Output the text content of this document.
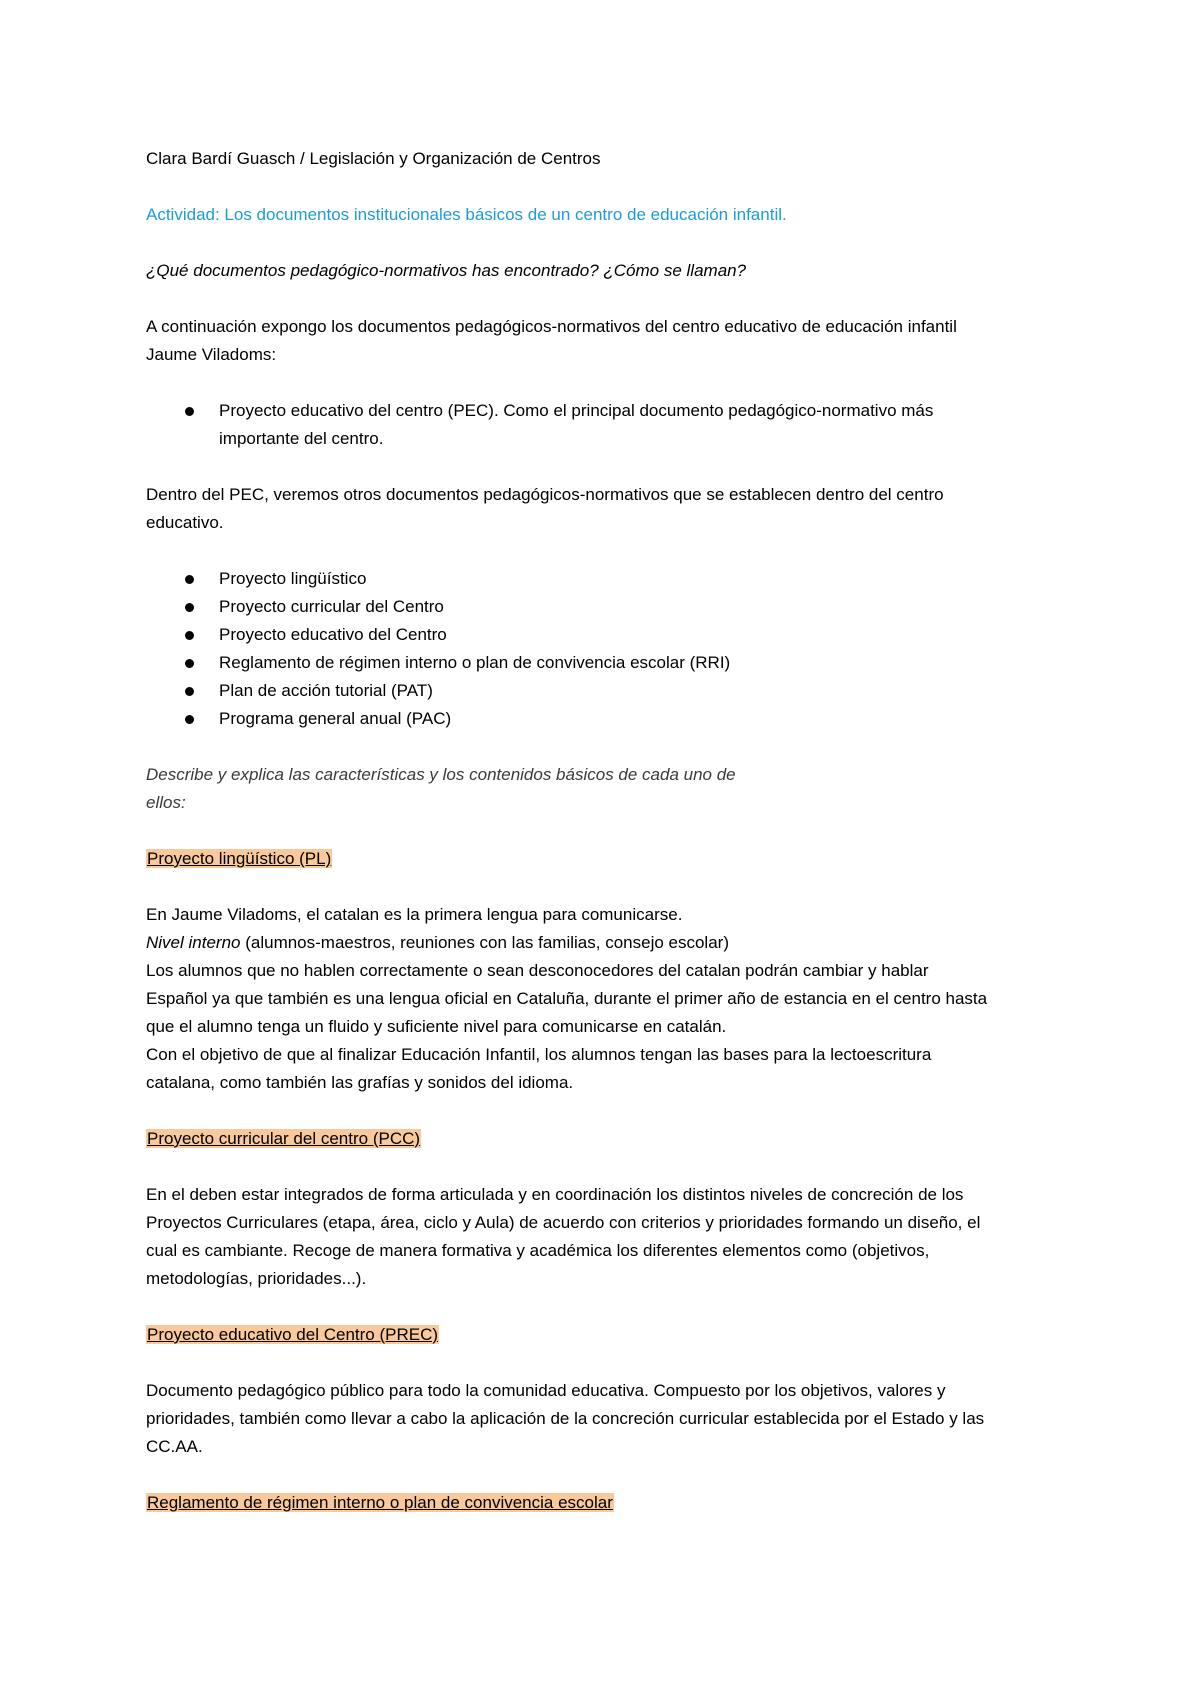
Clara Bardí Guasch / Legislación y Organización de Centros

Actividad: Los documentos institucionales básicos de un centro de educación infantil.

¿Qué documentos pedagógico-normativos has encontrado? ¿Cómo se llaman?

A continuación expongo los documentos pedagógicos-normativos del centro educativo de educación infantil

Jaume Viladoms:

Proyecto educativo del centro (PEC). Como el principal documento pedagógico-normativo más
importante del centro.

Dentro del PEC, veremos otros documentos pedagógicos-normativos que se establecen dentro del centro

educativo.

Proyecto lingüístico
Proyecto curricular del Centro
Proyecto educativo del Centro
Reglamento de régimen interno o plan de convivencia escolar (RRI)
Plan de acción tutorial (PAT)
Programa general anual (PAC)

Describe y explica las características y los contenidos básicos de cada uno de

ellos:

Proyecto lingüístico (PL)

En Jaume Viladoms, el catalan es la primera lengua para comunicarse.

Nivel interno (alumnos-maestros, reuniones con las familias, consejo escolar)

Los alumnos que no hablen correctamente o sean desconocedores del catalan podrán cambiar y hablar

Español ya que también es una lengua oficial en Cataluña, durante el primer año de estancia en el centro hasta

que el alumno tenga un fluido y suficiente nivel para comunicarse en catalán.

Con el objetivo de que al finalizar Educación Infantil, los alumnos tengan las bases para la lectoescritura

catalana, como también las grafías y sonidos del idioma.

Proyecto curricular del centro (PCC)

En el deben estar integrados de forma articulada y en coordinación los distintos niveles de concreción de los

Proyectos Curriculares (etapa, área, ciclo y Aula) de acuerdo con criterios y prioridades formando un diseño, el

cual es cambiante. Recoge de manera formativa y académica los diferentes elementos como (objetivos,

metodologías, prioridades...).

Proyecto educativo del Centro (PREC)

Documento pedagógico público para todo la comunidad educativa. Compuesto por los objetivos, valores y

prioridades, también como llevar a cabo la aplicación de la concreción curricular establecida por el Estado y las

CC.AA.

Reglamento de régimen interno o plan de convivencia escolar
